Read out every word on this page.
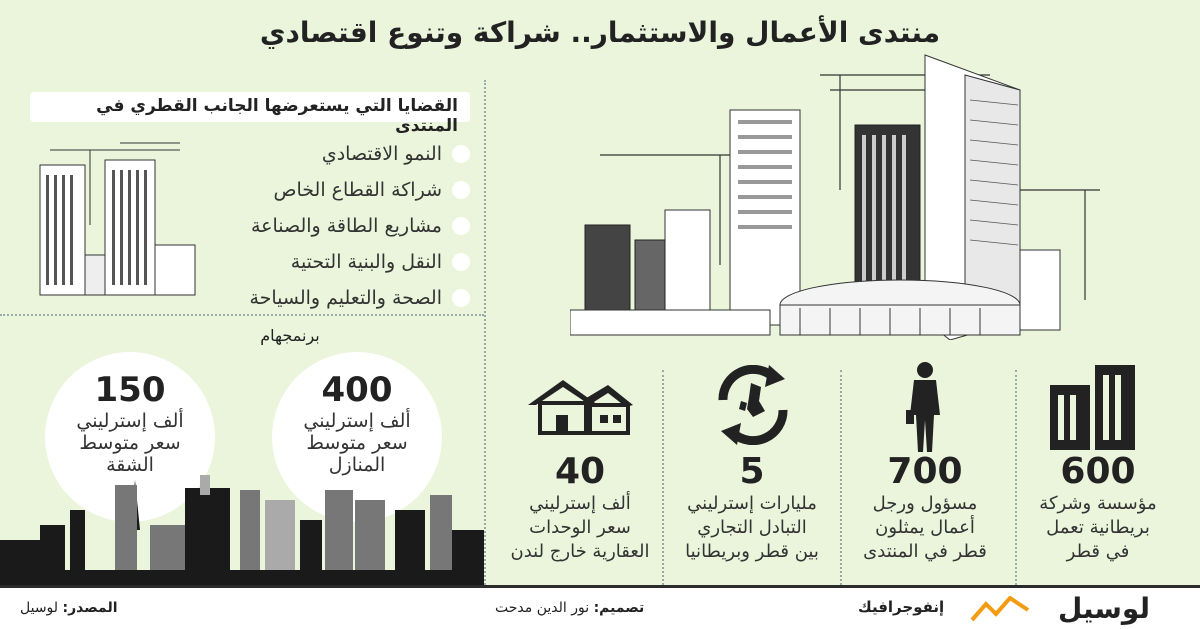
منتدى الأعمال والاستثمار.. شراكة وتنوع اقتصادي
القضايا التي يستعرضها الجانب القطري في المنتدى
النمو الاقتصادي
شراكة القطاع الخاص
مشاريع الطاقة والصناعة
النقل والبنية التحتية
الصحة والتعليم والسياحة
برنمجهام
400
ألف إسترليني
سعر متوسط
المنازل
150
ألف إسترليني
سعر متوسط
الشقة	600
مؤسسة وشركة
بريطانية تعمل
في قطر
700
مسؤول ورجل
أعمال يمثلون
قطر في المنتدى
5
مليارات إسترليني
التبادل التجاري
بين قطر وبريطانيا
40
ألف إسترليني
سعر الوحدات
العقارية خارج لندن
المصدر: لوسيل	تصميم: نور الدين مدحت	إنفوجرافيك	لوسيل
